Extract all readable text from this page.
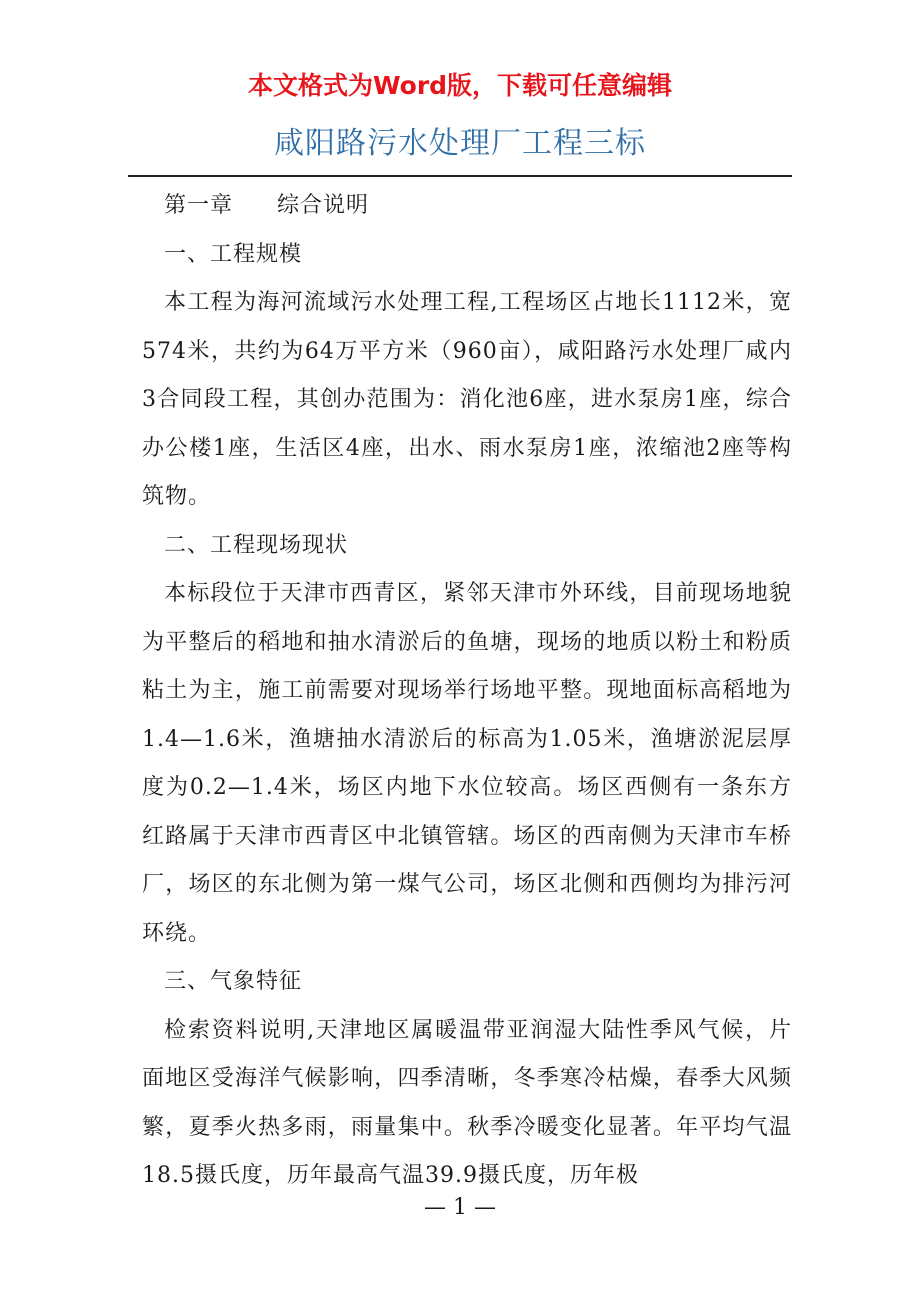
本文格式为Word版，下载可任意编辑
咸阳路污水处理厂工程三标

第一章 综合说明

一、工程规模

本工程为海河流域污水处理工程,工程场区占地长1112米，宽574米，共约为64万平方米（960亩），咸阳路污水处理厂咸内3合同段工程，其创办范围为：消化池6座，进水泵房1座，综合办公楼1座，生活区4座，出水、雨水泵房1座，浓缩池2座等构筑物。

二、工程现场现状

本标段位于天津市西青区，紧邻天津市外环线，目前现场地貌为平整后的稻地和抽水清淤后的鱼塘，现场的地质以粉土和粉质粘土为主，施工前需要对现场举行场地平整。现地面标高稻地为1.4—1.6米，渔塘抽水清淤后的标高为1.05米，渔塘淤泥层厚度为0.2—1.4米，场区内地下水位较高。场区西侧有一条东方红路属于天津市西青区中北镇管辖。场区的西南侧为天津市车桥厂，场区的东北侧为第一煤气公司，场区北侧和西侧均为排污河环绕。

三、气象特征

检索资料说明,天津地区属暖温带亚润湿大陆性季风气候，片面地区受海洋气候影响，四季清晰，冬季寒冷枯燥，春季大风频繁，夏季火热多雨，雨量集中。秋季冷暖变化显著。年平均气温18.5摄氏度，历年最高气温39.9摄氏度，历年极

— 1 —
